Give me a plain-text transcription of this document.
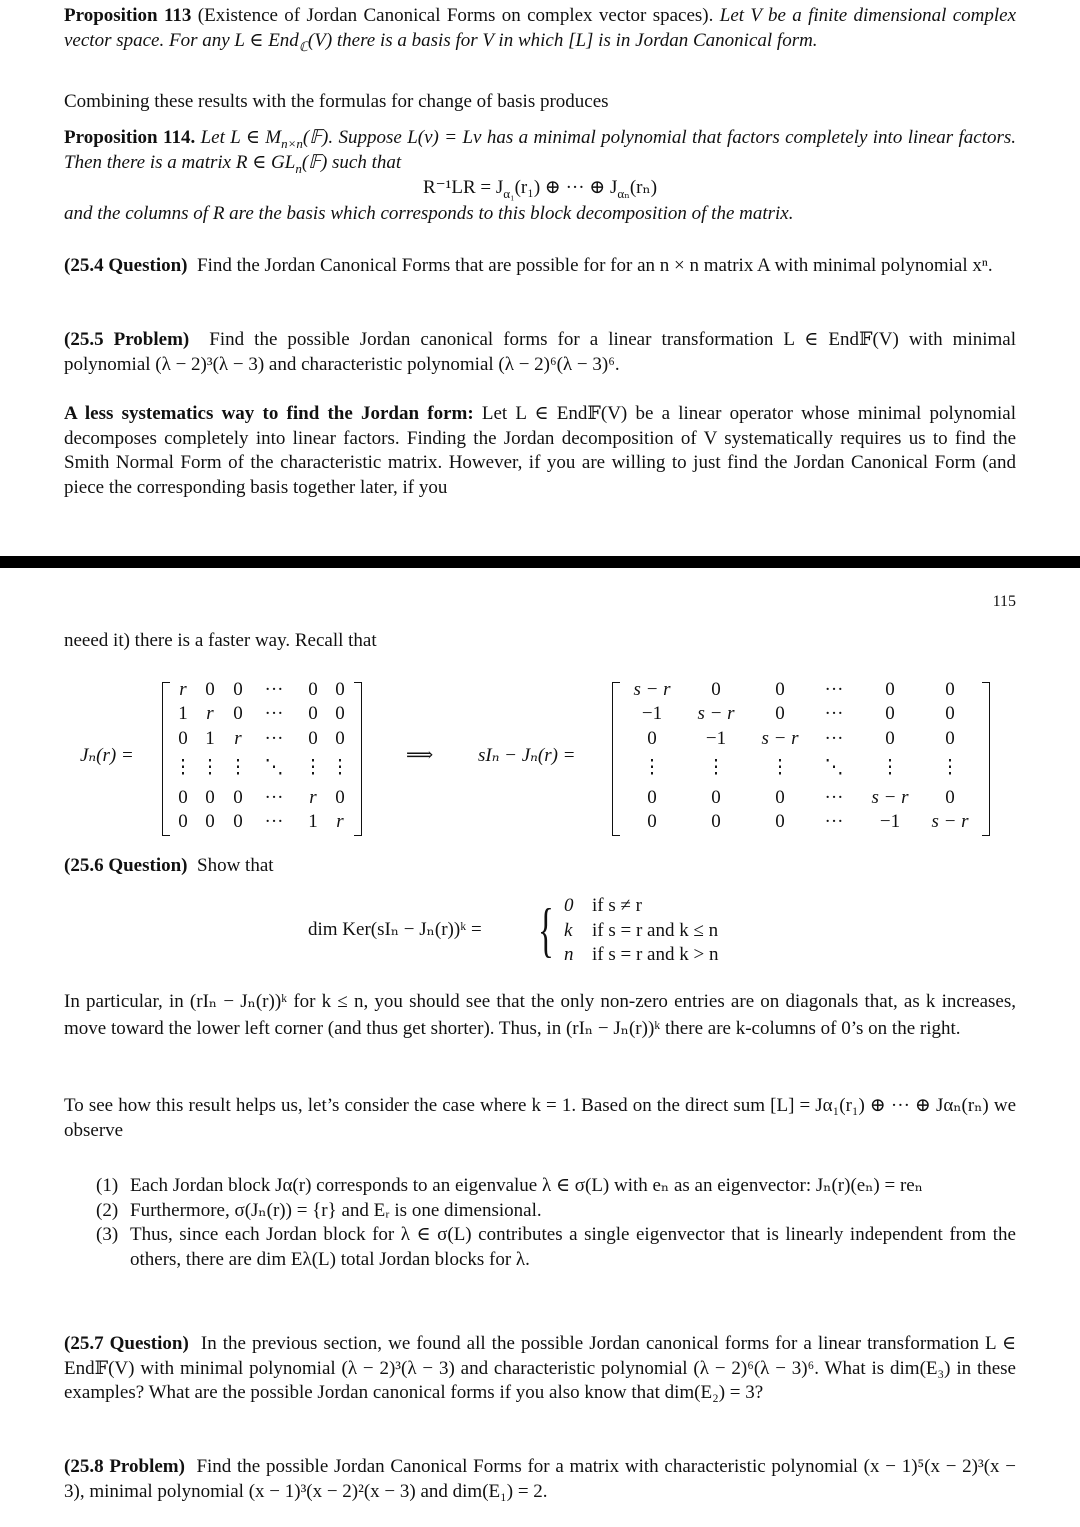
Proposition 113 (Existence of Jordan Canonical Forms on complex vector spaces). Let V be a finite dimensional complex vector space. For any L ∈ End$_ℂ$(V) there is a basis for V in which [L] is in Jordan Canonical form.

Combining these results with the formulas for change of basis produces

Proposition 114. Let L ∈ $M_{n\times n}(𝔽)$. Suppose L(v) = Lv has a minimal polynomial that factors completely into linear factors. Then there is a matrix R ∈ $GL_n(𝔽)$ such that

$R^{-1}LR = J_{\alpha_1}(r_1)$ ⊕ ··· ⊕ $J_{\alpha_n}(r_n)$

and the columns of R are the basis which corresponds to this block decomposition of the matrix.

(25.4 Question) Find the Jordan Canonical Forms that are possible for for an n × n matrix A with minimal polynomial xⁿ.

(25.5 Problem) Find the possible Jordan canonical forms for a linear transformation L ∈ End𝔽(V) with minimal polynomial (λ − 2)³(λ − 3) and characteristic polynomial (λ − 2)⁶(λ − 3)⁶.

A less systematics way to find the Jordan form: Let L ∈ End𝔽(V) be a linear operator whose minimal polynomial decomposes completely into linear factors. Finding the Jordan decomposition of V systematically requires us to find the Smith Normal Form of the characteristic matrix. However, if you are willing to just find the Jordan Canonical Form (and piece the corresponding basis together later, if you

115

neeed it) there is a faster way. Recall that

Jₙ(r) =
r 0 0	···	0 0
1 r	0	···	0 0
0 1	r	···	0 0
⋮ ⋮ ⋮ ⋱	⋮ ⋮
0 0 0	···	r 0
0 0 0	···	1 r
⟹ sIₙ − Jₙ(r) =
s − r	0	0	···	0	0
−1	s − r	0	···	0	0
0	−1	s − r	···	0	0
⋮	⋮	⋮	⋱	⋮	⋮
0	0	0	···	s − r	0
0	0	0	···	−1	s − r

(25.6 Question) Show that

dim Ker(sIₙ − Jₙ(r))ᵏ = { 0 if s ≠ r
k if s = r and k ≤ n
n if s = r and k > n

In particular, in (rIₙ − Jₙ(r))ᵏ for k ≤ n, you should see that the only non-zero entries are on diagonals that, as k increases, move toward the lower left corner (and thus get shorter). Thus, in (rIₙ − Jₙ(r))ᵏ there are k-columns of 0’s on the right.

To see how this result helps us, let’s consider the case where k = 1. Based on the direct sum [L] = Jα₁(r₁) ⊕ ··· ⊕ Jαₙ(rₙ) we observe

(1) Each Jordan block Jα(r) corresponds to an eigenvalue λ ∈ σ(L) with eₙ as an eigenvector: Jₙ(r)(eₙ) = reₙ
(2) Furthermore, σ(Jₙ(r)) = {r} and Eᵣ is one dimensional.
(3) Thus, since each Jordan block for λ ∈ σ(L) contributes a single eigenvector that is linearly independent from the others, there are dim Eλ(L) total Jordan blocks for λ.

(25.7 Question) In the previous section, we found all the possible Jordan canonical forms for a linear transformation L ∈ End𝔽(V) with minimal polynomial (λ − 2)³(λ − 3) and characteristic polynomial (λ − 2)⁶(λ − 3)⁶. What is dim(E₃) in these examples? What are the possible Jordan canonical forms if you also know that dim(E₂) = 3?

(25.8 Problem) Find the possible Jordan Canonical Forms for a matrix with characteristic polynomial (x − 1)⁵(x − 2)³(x − 3), minimal polynomial (x − 1)³(x − 2)²(x − 3) and dim(E₁) = 2.
